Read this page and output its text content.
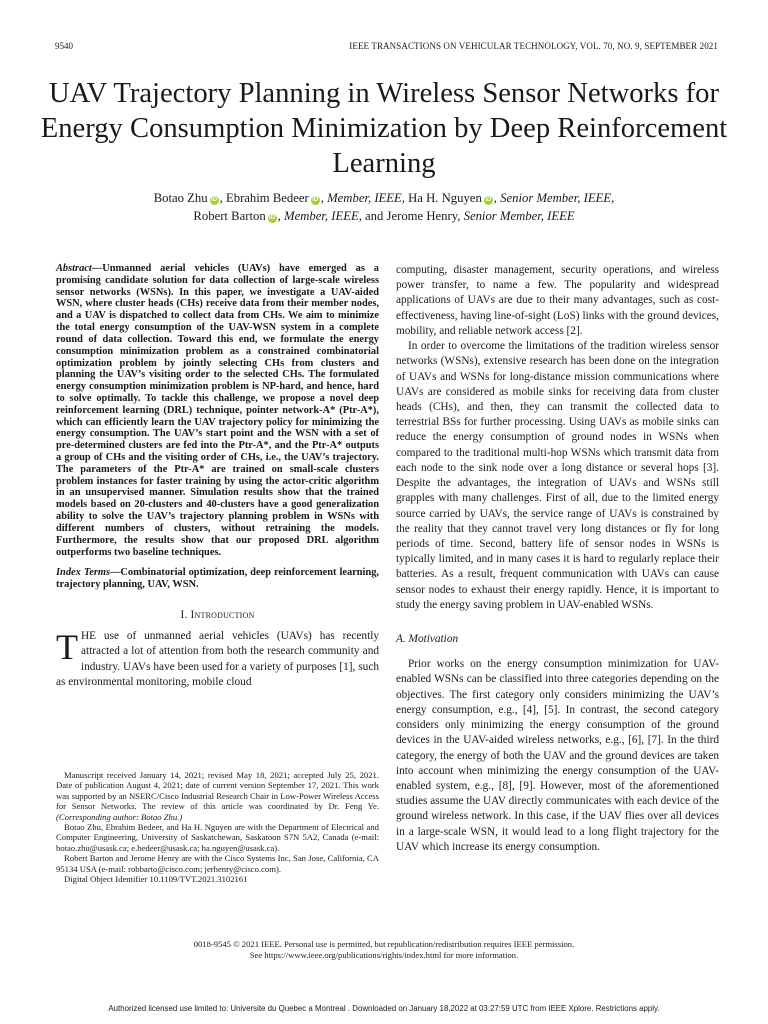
9540	IEEE TRANSACTIONS ON VEHICULAR TECHNOLOGY, VOL. 70, NO. 9, SEPTEMBER 2021
UAV Trajectory Planning in Wireless Sensor Networks for Energy Consumption Minimization by Deep Reinforcement Learning
Botao Zhu iD , Ebrahim Bedeer iD , Member, IEEE, Ha H. Nguyen iD , Senior Member, IEEE,
Robert Barton iD , Member, IEEE, and Jerome Henry, Senior Member, IEEE
Abstract—Unmanned aerial vehicles (UAVs) have emerged as a promising candidate solution for data collection of large-scale wireless sensor networks (WSNs). In this paper, we investigate a UAV-aided WSN, where cluster heads (CHs) receive data from their member nodes, and a UAV is dispatched to collect data from CHs. We aim to minimize the total energy consumption of the UAV-WSN system in a complete round of data collection. Toward this end, we formulate the energy consumption minimization problem as a constrained combinatorial optimization problem by jointly selecting CHs from clusters and planning the UAV’s visiting order to the selected CHs. The formulated energy consumption minimization problem is NP-hard, and hence, hard to solve optimally. To tackle this challenge, we propose a novel deep reinforcement learning (DRL) technique, pointer network-A* (Ptr-A*), which can efficiently learn the UAV trajectory policy for minimizing the energy consumption. The UAV’s start point and the WSN with a set of pre-determined clusters are fed into the Ptr-A*, and the Ptr-A* outputs a group of CHs and the visiting order of CHs, i.e., the UAV’s trajectory. The parameters of the Ptr-A* are trained on small-scale clusters problem instances for faster training by using the actor-critic algorithm in an unsupervised manner. Simulation results show that the trained models based on 20-clusters and 40-clusters have a good generalization ability to solve the UAV’s trajectory planning problem in WSNs with different numbers of clusters, without retraining the models. Furthermore, the results show that our proposed DRL algorithm outperforms two baseline techniques.
Index Terms—Combinatorial optimization, deep reinforcement learning, trajectory planning, UAV, WSN.
I. Introduction

THE use of unmanned aerial vehicles (UAVs) has recently attracted a lot of attention from both the research community and industry. UAVs have been used for a variety of purposes [1], such as environmental monitoring, mobile cloud

Manuscript received January 14, 2021; revised May 18, 2021; accepted July 25, 2021. Date of publication August 4, 2021; date of current version September 17, 2021. This work was supported by an NSERC/Cisco Industrial Research Chair in Low-Power Wireless Access for Sensor Networks. The review of this article was coordinated by Dr. Feng Ye. (Corresponding author: Botao Zhu.)

Botao Zhu, Ebrahim Bedeer, and Ha H. Nguyen are with the Department of Electrical and Computer Engineering, University of Saskatchewan, Saskatoon S7N 5A2, Canada (e-mail: botao.zhu@usask.ca; e.bedeer@usask.ca; ha.nguyen@usask.ca).

Robert Barton and Jerome Henry are with the Cisco Systems Inc, San Jose, California, CA 95134 USA (e-mail: robbarto@cisco.com; jerhenry@cisco.com).

Digital Object Identifier 10.1109/TVT.2021.3102161

computing, disaster management, security operations, and wireless power transfer, to name a few. The popularity and widespread applications of UAVs are due to their many advantages, such as cost-effectiveness, having line-of-sight (LoS) links with the ground devices, mobility, and reliable network access [2].

In order to overcome the limitations of the tradition wireless sensor networks (WSNs), extensive research has been done on the integration of UAVs and WSNs for long-distance mission communications where UAVs are considered as mobile sinks for receiving data from cluster heads (CHs), and then, they can transmit the collected data to terrestrial BSs for further processing. Using UAVs as mobile sinks can reduce the energy consumption of ground nodes in WSNs when compared to the traditional multi-hop WSNs which transmit data from each node to the sink node over a long distance or several hops [3]. Despite the advantages, the integration of UAVs and WSNs still grapples with many challenges. First of all, due to the limited energy source carried by UAVs, the service range of UAVs is constrained by the reality that they cannot travel very long distances or fly for long periods of time. Second, battery life of sensor nodes in WSNs is typically limited, and in many cases it is hard to regularly replace their batteries. As a result, frequent communication with UAVs can cause sensor nodes to exhaust their energy rapidly. Hence, it is important to study the energy saving problem in UAV-enabled WSNs.

A. Motivation

Prior works on the energy consumption minimization for UAV-enabled WSNs can be classified into three categories depending on the objectives. The first category only considers minimizing the UAV’s energy consumption, e.g., [4], [5]. In contrast, the second category considers only minimizing the energy consumption of the ground devices in the UAV-aided wireless networks, e.g., [6], [7]. In the third category, the energy of both the UAV and the ground devices are taken into account when minimizing the energy consumption of the UAV-enabled system, e.g., [8], [9]. However, most of the aforementioned studies assume the UAV directly communicates with each device of the ground wireless network. In this case, if the UAV flies over all devices in a large-scale WSN, it would lead to a long flight trajectory for the UAV which increase its energy consumption.

0018-9545 © 2021 IEEE. Personal use is permitted, but republication/redistribution requires IEEE permission.
See https://www.ieee.org/publications/rights/index.html for more information.
Authorized licensed use limited to: Universite du Quebec a Montreal . Downloaded on January 18,2022 at 03:27:59 UTC from IEEE Xplore. Restrictions apply.
